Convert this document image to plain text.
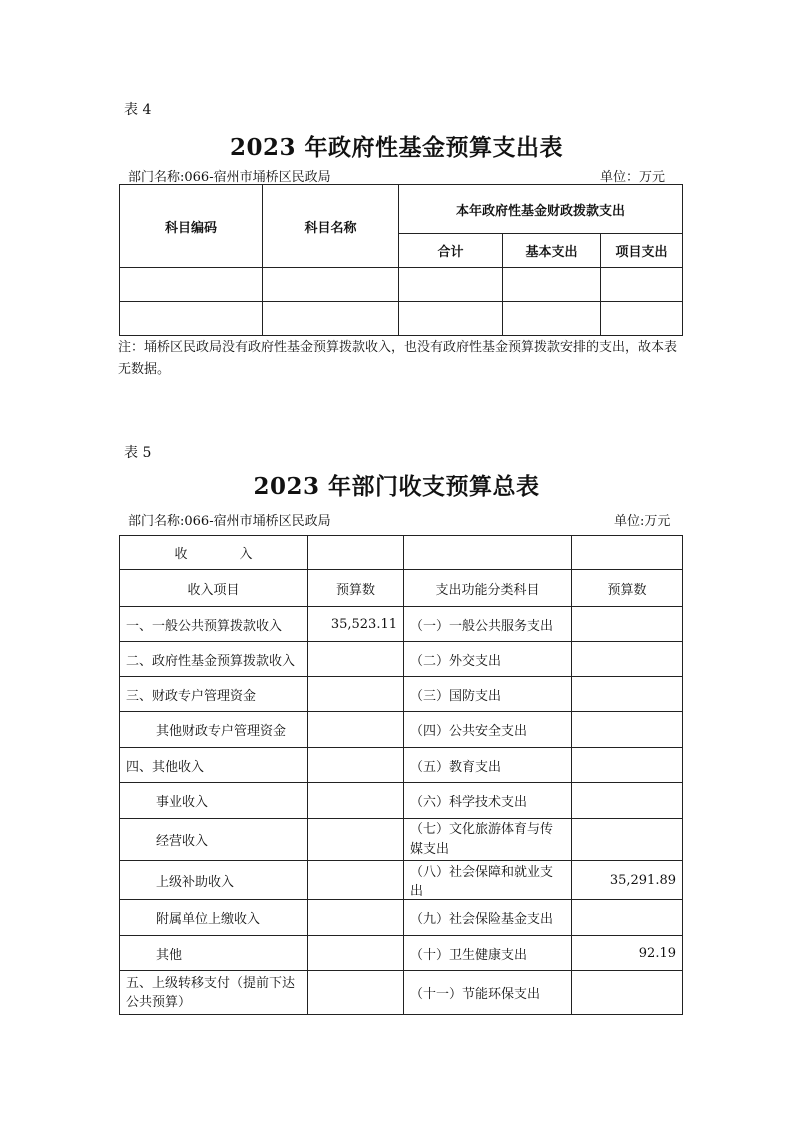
表 4
2023 年政府性基金预算支出表
部门名称:066-宿州市埇桥区民政局	单位：万元
科目编码	科目名称	本年政府性基金财政拨款支出		
		合计	基本支出	项目支出

注：埇桥区民政局没有政府性基金预算拨款收入，也没有政府性基金预算拨款安排的支出，故本表无数据。
表 5
2023 年部门收支预算总表
部门名称:066-宿州市埇桥区民政局	单位:万元
收　　　　入			
收入项目	预算数	支出功能分类科目	预算数
一、一般公共预算拨款收入	35,523.11	（一）一般公共服务支出	
二、政府性基金预算拨款收入		（二）外交支出	
三、财政专户管理资金		（三）国防支出	
其他财政专户管理资金		（四）公共安全支出	
四、其他收入		（五）教育支出	
事业收入		（六）科学技术支出	
经营收入		（七）文化旅游体育与传媒支出	
上级补助收入		（八）社会保障和就业支出	35,291.89
附属单位上缴收入		（九）社会保险基金支出	
其他		（十）卫生健康支出	92.19
五、上级转移支付（提前下达公共预算）		（十一）节能环保支出	
